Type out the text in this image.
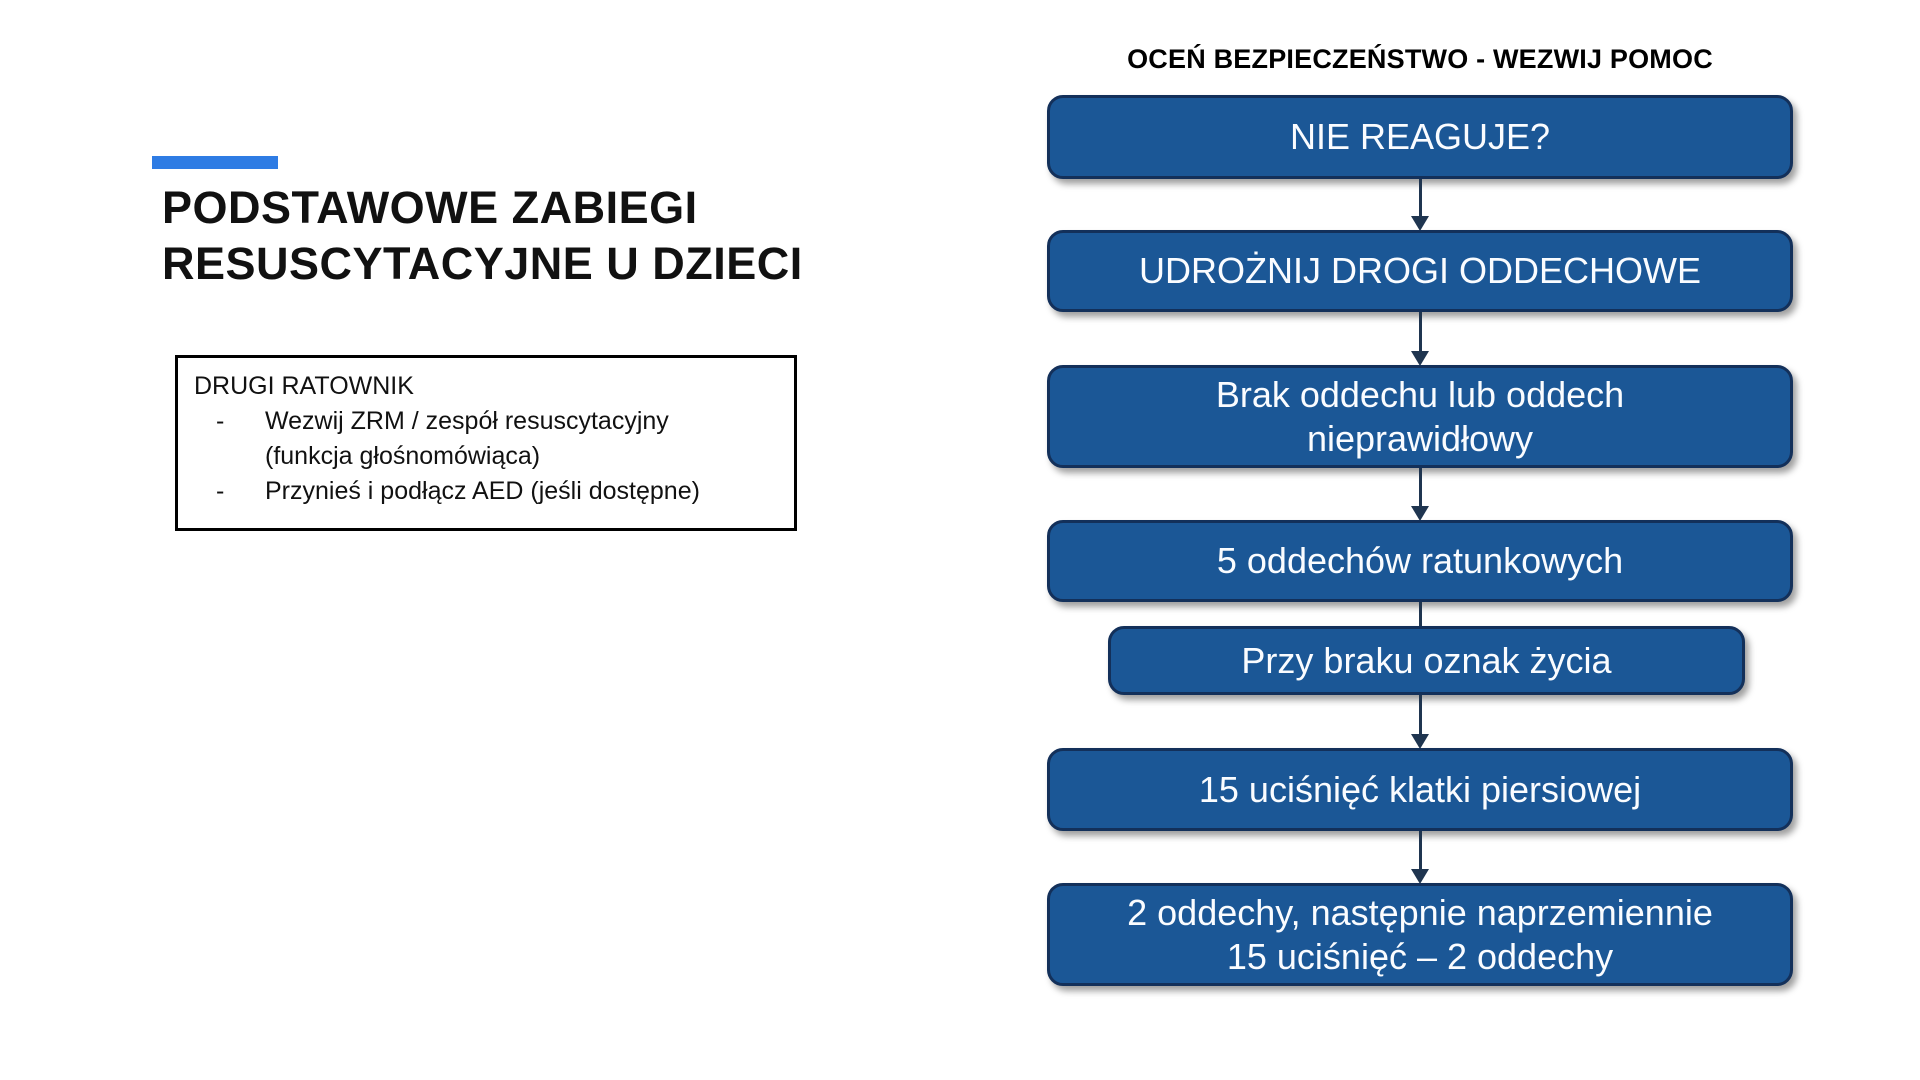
PODSTAWOWE ZABIEGI
RESUSCYTACYJNE U DZIECI
DRUGI RATOWNIK
- Wezwij ZRM / zespół resuscytacyjny
(funkcja głośnomówiąca)
- Przynieś i podłącz AED (jeśli dostępne)
OCEŃ BEZPIECZEŃSTWO - WEZWIJ POMOC
NIE REAGUJE?
UDROŻNIJ DROGI ODDECHOWE
Brak oddechu lub oddech
nieprawidłowy
5 oddechów ratunkowych
Przy braku oznak życia
15 uciśnięć klatki piersiowej
2 oddechy, następnie naprzemiennie
15 uciśnięć – 2 oddechy
